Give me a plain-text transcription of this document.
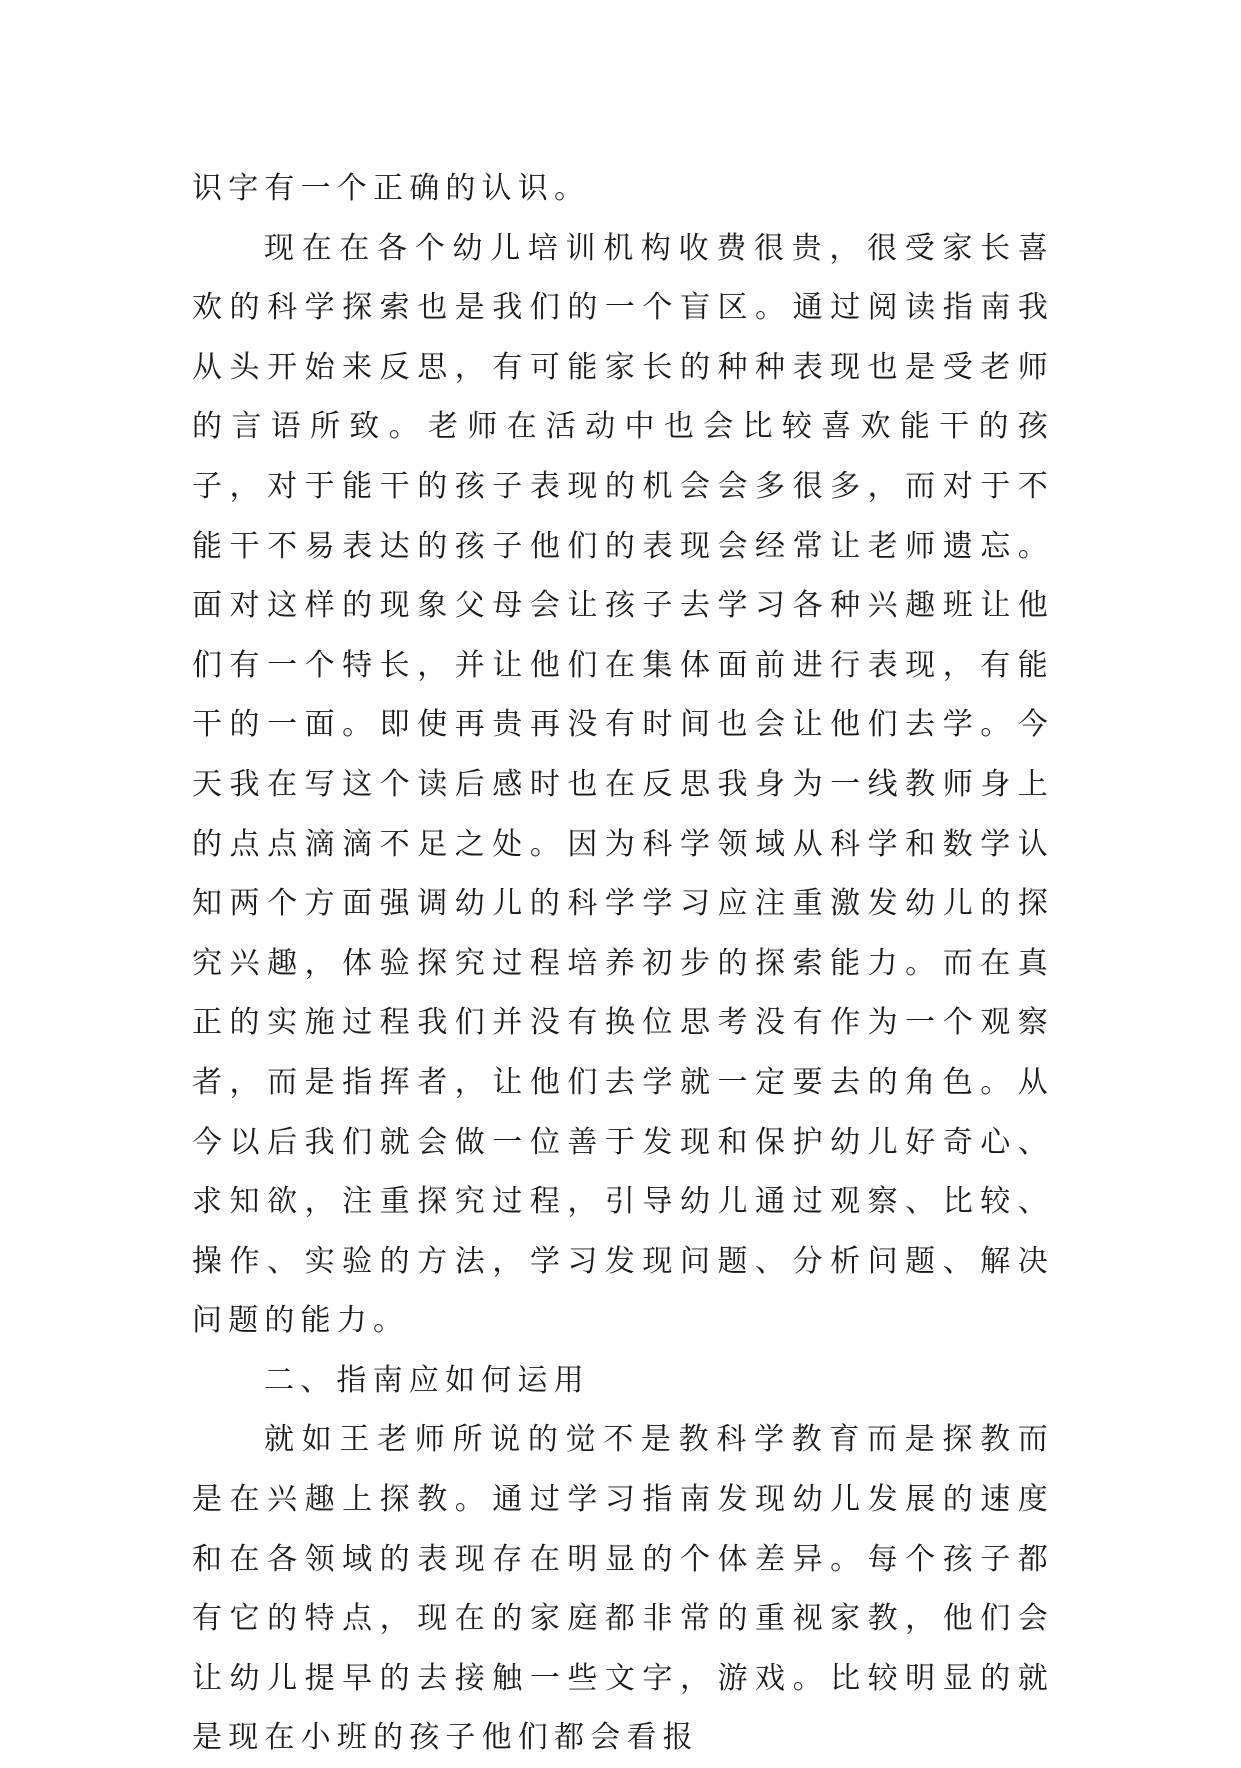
识字有一个正确的认识。

现在在各个幼儿培训机构收费很贵，很受家长喜欢的科学探索也是我们的一个盲区。通过阅读指南我从头开始来反思，有可能家长的种种表现也是受老师的言语所致。老师在活动中也会比较喜欢能干的孩子，对于能干的孩子表现的机会会多很多，而对于不能干不易表达的孩子他们的表现会经常让老师遗忘。面对这样的现象父母会让孩子去学习各种兴趣班让他们有一个特长，并让他们在集体面前进行表现，有能干的一面。即使再贵再没有时间也会让他们去学。今天我在写这个读后感时也在反思我身为一线教师身上的点点滴滴不足之处。因为科学领域从科学和数学认知两个方面强调幼儿的科学学习应注重激发幼儿的探究兴趣，体验探究过程培养初步的探索能力。而在真正的实施过程我们并没有换位思考没有作为一个观察者，而是指挥者，让他们去学就一定要去的角色。从今以后我们就会做一位善于发现和保护幼儿好奇心、求知欲，注重探究过程，引导幼儿通过观察、比较、操作、实验的方法，学习发现问题、分析问题、解决问题的能力。

二、指南应如何运用

就如王老师所说的觉不是教科学教育而是探教而是在兴趣上探教。通过学习指南发现幼儿发展的速度和在各领域的表现存在明显的个体差异。每个孩子都有它的特点，现在的家庭都非常的重视家教，他们会让幼儿提早的去接触一些文字，游戏。比较明显的就是现在小班的孩子他们都会看报
